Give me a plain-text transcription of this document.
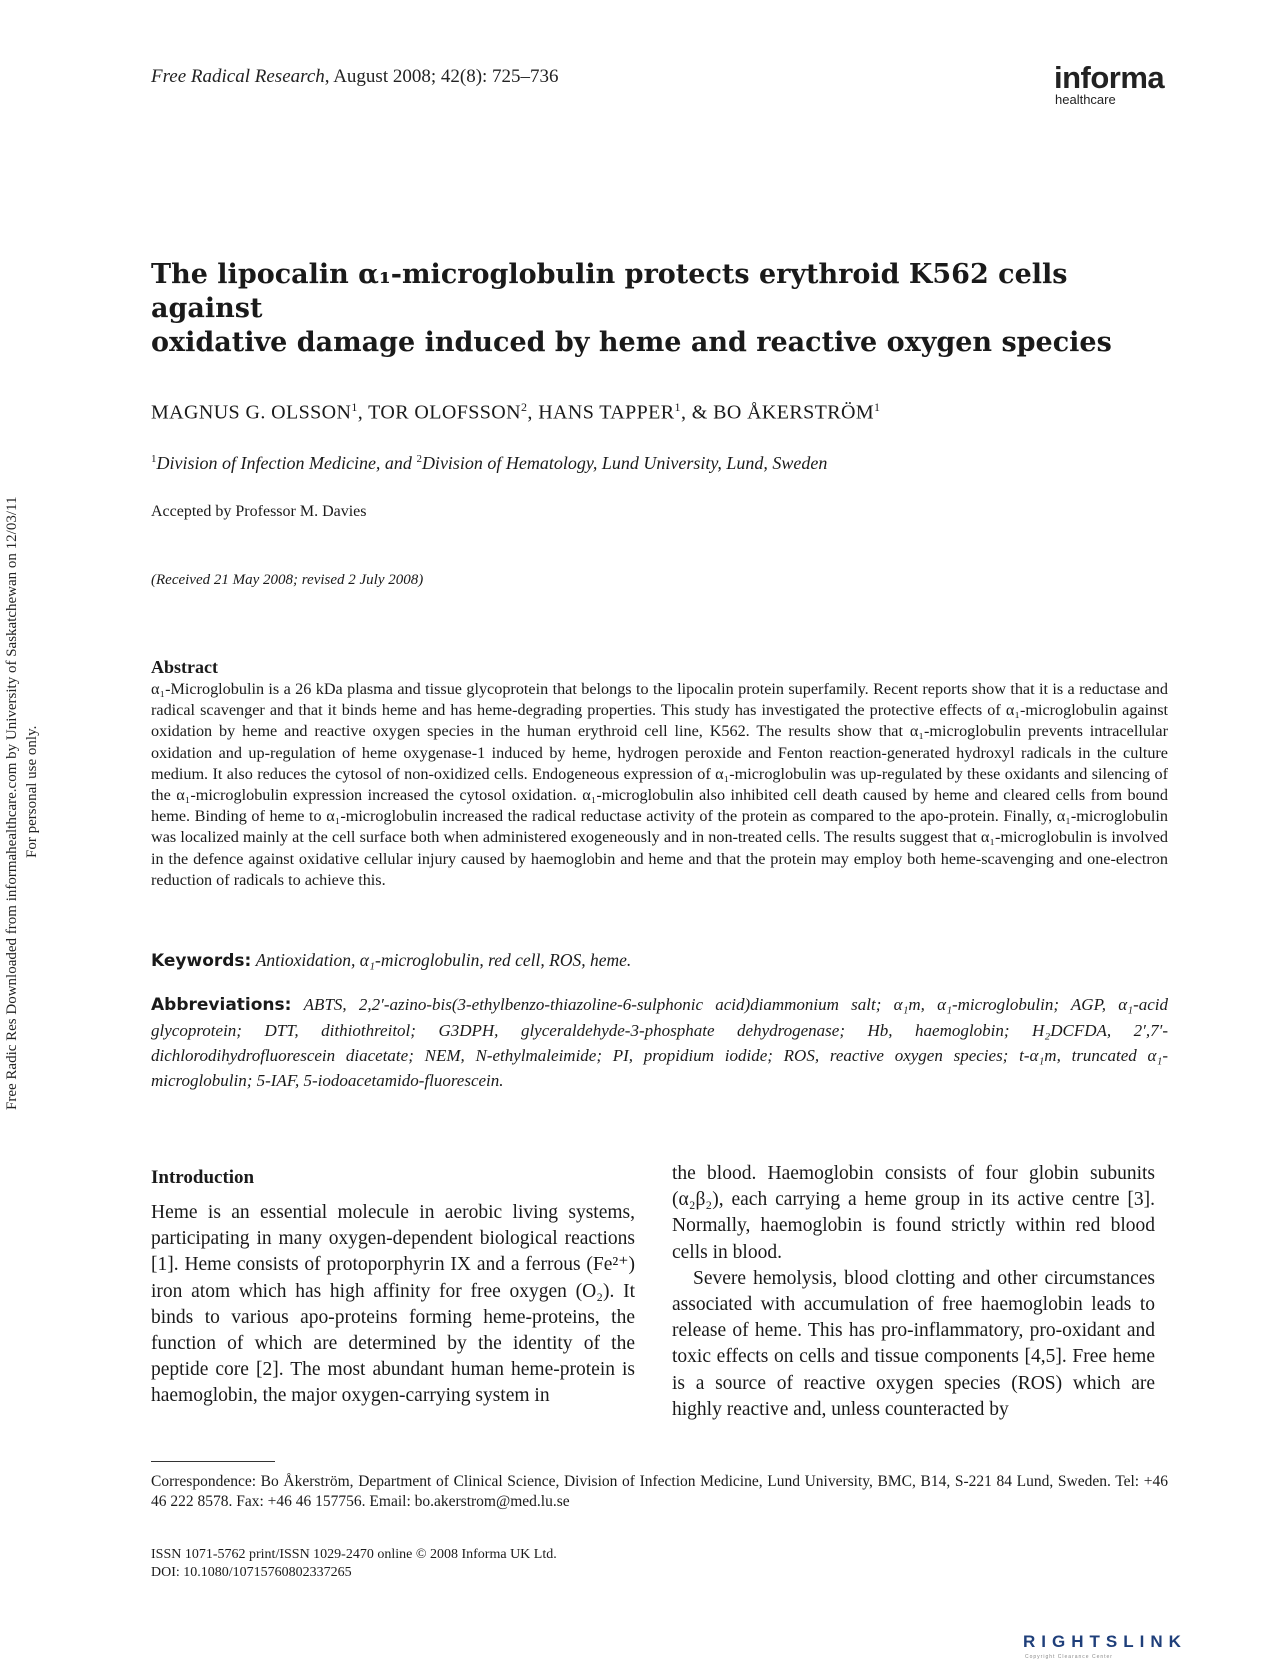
Free Radic Res Downloaded from informahealthcare.com by University of Saskatchewan on 12/03/11 For personal use only.
Free Radical Research, August 2008; 42(8): 725–736	informa
healthcare
The lipocalin α₁-microglobulin protects erythroid K562 cells against
oxidative damage induced by heme and reactive oxygen species
MAGNUS G. OLSSON$^1$, TOR OLOFSSON$^2$, HANS TAPPER$^1$, & BO ÅKERSTRÖM$^1$
$^1$Division of Infection Medicine, and $^2$Division of Hematology, Lund University, Lund, Sweden
Accepted by Professor M. Davies
(Received 21 May 2008; revised 2 July 2008)
Abstract
α₁-Microglobulin is a 26 kDa plasma and tissue glycoprotein that belongs to the lipocalin protein superfamily. Recent reports show that it is a reductase and radical scavenger and that it binds heme and has heme-degrading properties. This study has investigated the protective effects of α₁-microglobulin against oxidation by heme and reactive oxygen species in the human erythroid cell line, K562. The results show that α₁-microglobulin prevents intracellular oxidation and up-regulation of heme oxygenase-1 induced by heme, hydrogen peroxide and Fenton reaction-generated hydroxyl radicals in the culture medium. It also reduces the cytosol of non-oxidized cells. Endogeneous expression of α₁-microglobulin was up-regulated by these oxidants and silencing of the α₁-microglobulin expression increased the cytosol oxidation. α₁-microglobulin also inhibited cell death caused by heme and cleared cells from bound heme. Binding of heme to α₁-microglobulin increased the radical reductase activity of the protein as compared to the apo-protein. Finally, α₁-microglobulin was localized mainly at the cell surface both when administered exogeneously and in non-treated cells. The results suggest that α₁-microglobulin is involved in the defence against oxidative cellular injury caused by haemoglobin and heme and that the protein may employ both heme-scavenging and one-electron reduction of radicals to achieve this.
Keywords: Antioxidation, α₁-microglobulin, red cell, ROS, heme.
Abbreviations: ABTS, 2,2′-azino-bis(3-ethylbenzo-thiazoline-6-sulphonic acid)diammonium salt; α₁m, α₁-microglobulin; AGP, α₁-acid glycoprotein; DTT, dithiothreitol; G3DPH, glyceraldehyde-3-phosphate dehydrogenase; Hb, haemoglobin; H₂DCFDA, 2′,7′-dichlorodihydrofluorescein diacetate; NEM, N-ethylmaleimide; PI, propidium iodide; ROS, reactive oxygen species; t-α₁m, truncated α₁-microglobulin; 5-IAF, 5-iodoacetamido-fluorescein.
Introduction
Heme is an essential molecule in aerobic living systems, participating in many oxygen-dependent biological reactions [1]. Heme consists of protoporphyrin IX and a ferrous (Fe²⁺) iron atom which has high affinity for free oxygen (O₂). It binds to various apo-proteins forming heme-proteins, the function of which are determined by the identity of the peptide core [2]. The most abundant human heme-protein is haemoglobin, the major oxygen-carrying system in

the blood. Haemoglobin consists of four globin subunits (α₂β₂), each carrying a heme group in its active centre [3]. Normally, haemoglobin is found strictly within red blood cells in blood.

Severe hemolysis, blood clotting and other circumstances associated with accumulation of free haemoglobin leads to release of heme. This has pro-inflammatory, pro-oxidant and toxic effects on cells and tissue components [4,5]. Free heme is a source of reactive oxygen species (ROS) which are highly reactive and, unless counteracted by

Correspondence: Bo Åkerström, Department of Clinical Science, Division of Infection Medicine, Lund University, BMC, B14, S-221 84 Lund, Sweden. Tel: +46 46 222 8578. Fax: +46 46 157756. Email: bo.akerstrom@med.lu.se
ISSN 1071-5762 print/ISSN 1029-2470 online © 2008 Informa UK Ltd.
DOI: 10.1080/10715760802337265
RIGHTSLINK
Copyright Clearance Center
